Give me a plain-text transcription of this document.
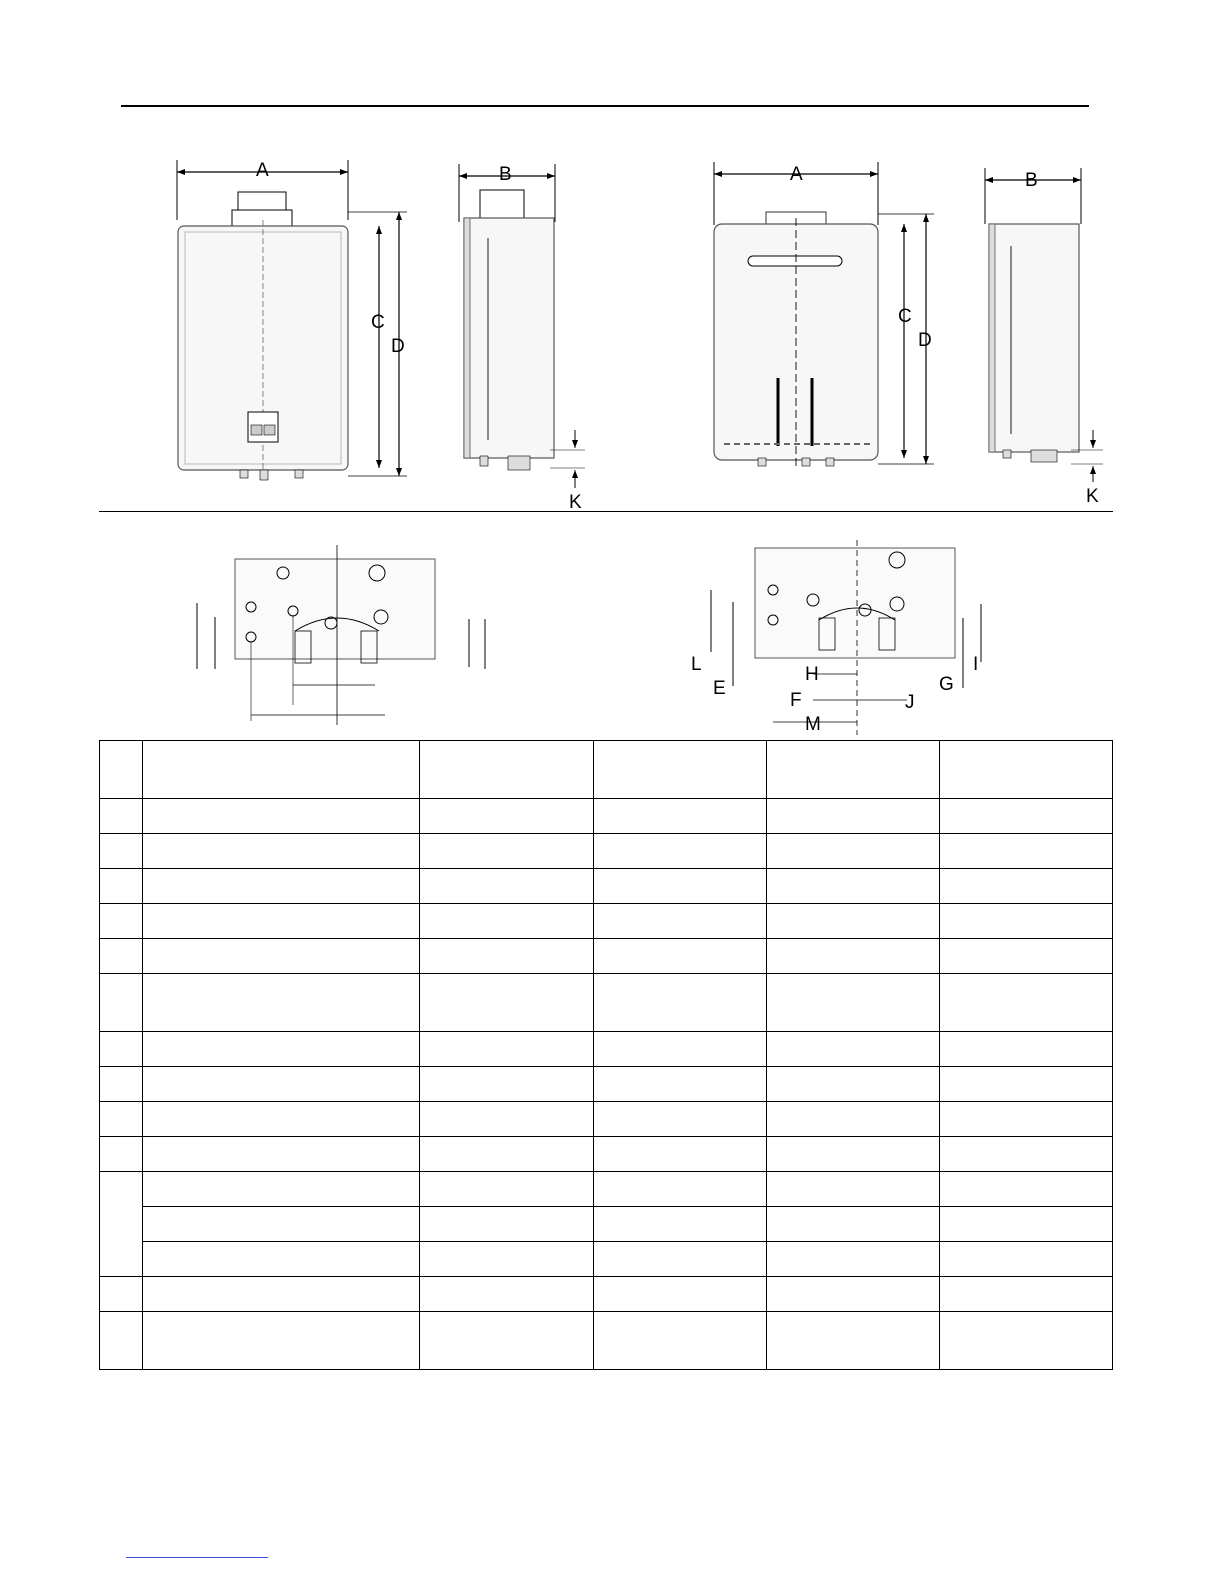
A
C
D
B
K
A
C
D
B
K
L
E
H
F
M
J
G
I
